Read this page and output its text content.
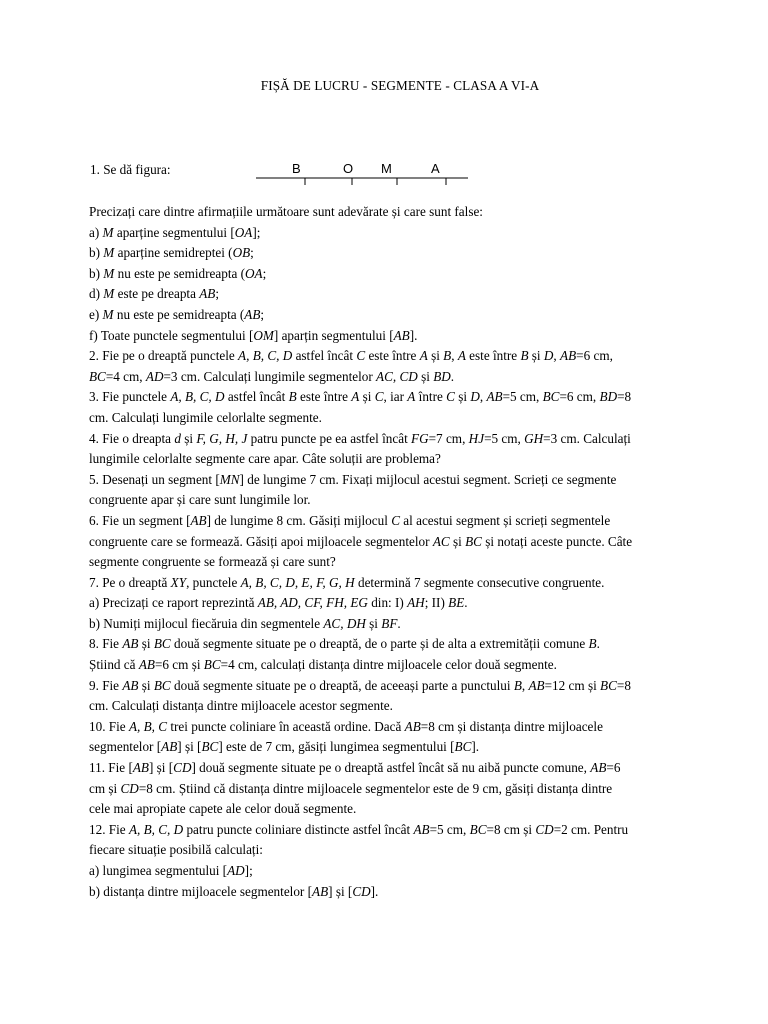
FIȘĂ DE LUCRU - SEGMENTE - CLASA A VI-A
1. Se dă figura:	B	O M	A

Precizați care dintre afirmațiile următoare sunt adevărate și care sunt false:

a) M aparține segmentului [OA];

b) M aparține semidreptei (OB;

b) M nu este pe semidreapta (OA;

d) M este pe dreapta AB;

e) M nu este pe semidreapta (AB;

f) Toate punctele segmentului [OM] aparțin segmentului [AB].

2. Fie pe o dreaptă punctele A, B, C, D astfel încât C este între A și B, A este între B și D, AB=6 cm,

BC=4 cm, AD=3 cm. Calculați lungimile segmentelor AC, CD și BD.

3. Fie punctele A, B, C, D astfel încât B este între A și C, iar A între C și D, AB=5 cm, BC=6 cm, BD=8

cm. Calculați lungimile celorlalte segmente.

4. Fie o dreapta d și F, G, H, J patru puncte pe ea astfel încât FG=7 cm, HJ=5 cm, GH=3 cm. Calculați

lungimile celorlalte segmente care apar. Câte soluții are problema?

5. Desenați un segment [MN] de lungime 7 cm. Fixați mijlocul acestui segment. Scrieți ce segmente

congruente apar și care sunt lungimile lor.

6. Fie un segment [AB] de lungime 8 cm. Găsiți mijlocul C al acestui segment și scrieți segmentele

congruente care se formează. Găsiți apoi mijloacele segmentelor AC și BC și notați aceste puncte. Câte

segmente congruente se formează și care sunt?

7. Pe o dreaptă XY, punctele A, B, C, D, E, F, G, H determină 7 segmente consecutive congruente.

a) Precizați ce raport reprezintă AB, AD, CF, FH, EG din: I) AH; II) BE.

b) Numiți mijlocul fiecăruia din segmentele AC, DH și BF.

8. Fie AB și BC două segmente situate pe o dreaptă, de o parte și de alta a extremității comune B.

Știind că AB=6 cm și BC=4 cm, calculați distanța dintre mijloacele celor două segmente.

9. Fie AB și BC două segmente situate pe o dreaptă, de aceeași parte a punctului B, AB=12 cm și BC=8

cm. Calculați distanța dintre mijloacele acestor segmente.

10. Fie A, B, C trei puncte coliniare în această ordine. Dacă AB=8 cm și distanța dintre mijloacele

segmentelor [AB] și [BC] este de 7 cm, găsiți lungimea segmentului [BC].

11. Fie [AB] și [CD] două segmente situate pe o dreaptă astfel încât să nu aibă puncte comune, AB=6

cm și CD=8 cm. Știind că distanța dintre mijloacele segmentelor este de 9 cm, găsiți distanța dintre

cele mai apropiate capete ale celor două segmente.

12. Fie A, B, C, D patru puncte coliniare distincte astfel încât AB=5 cm, BC=8 cm și CD=2 cm. Pentru

fiecare situație posibilă calculați:

a) lungimea segmentului [AD];

b) distanța dintre mijloacele segmentelor [AB] și [CD].
